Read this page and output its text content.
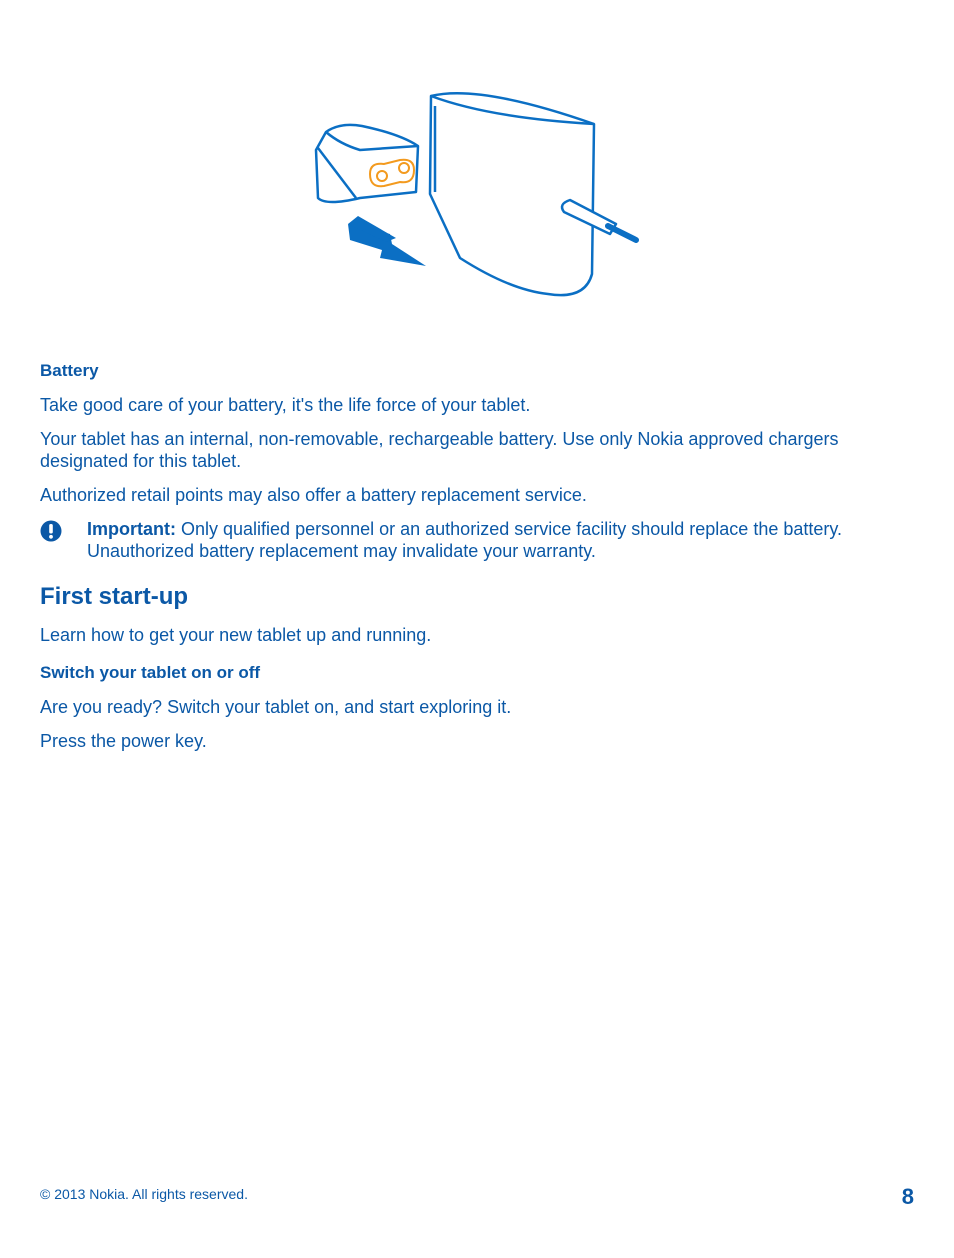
Battery
Take good care of your battery, it's the life force of your tablet.
Your tablet has an internal, non-removable, rechargeable battery. Use only Nokia approved chargers designated for this tablet.
Authorized retail points may also offer a battery replacement service.
Important: Only qualified personnel or an authorized service facility should replace the battery. Unauthorized battery replacement may invalidate your warranty.
First start-up
Learn how to get your new tablet up and running.
Switch your tablet on or off
Are you ready? Switch your tablet on, and start exploring it.
Press the power key.
© 2013 Nokia. All rights reserved.	8
